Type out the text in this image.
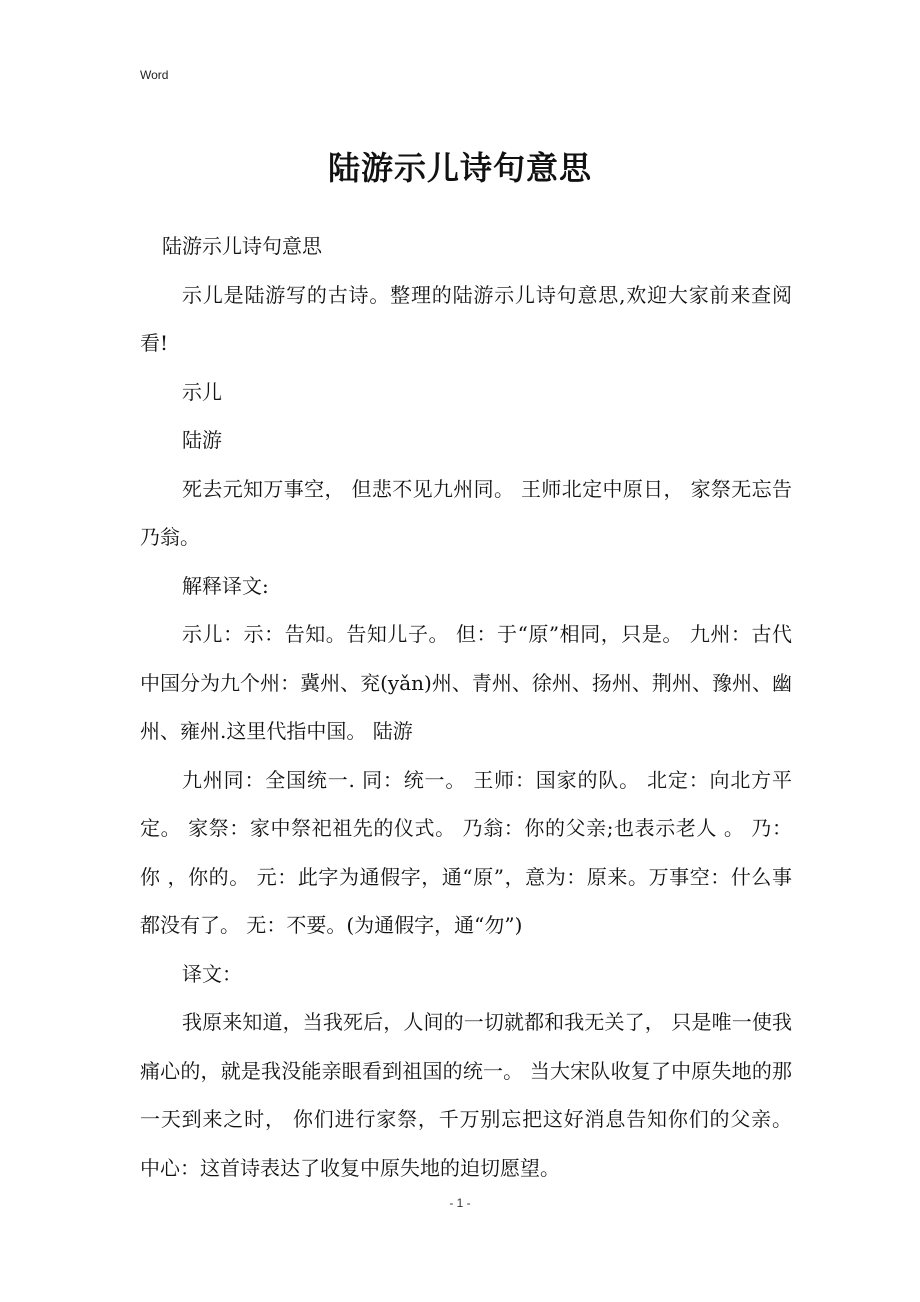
Word
陆游示儿诗句意思

陆游示儿诗句意思

示儿是陆游写的古诗。整理的陆游示儿诗句意思,欢迎大家前来查阅看!

示儿

陆游

死去元知万事空， 但悲不见九州同。 王师北定中原日， 家祭无忘告乃翁。

解释译文:

示儿：示：告知。告知儿子。 但：于“原”相同，只是。 九州：古代中国分为九个州：冀州、兖(yǎn)州、青州、徐州、扬州、荆州、豫州、幽州、雍州.这里代指中国。 陆游

九州同：全国统一. 同：统一。 王师：国家的队。 北定：向北方平定。 家祭：家中祭祀祖先的仪式。 乃翁：你的父亲;也表示老人 。 乃：你 ，你的。 元：此字为通假字，通“原”，意为：原来。万事空：什么事都没有了。 无：不要。(为通假字，通“勿”)

译文：

我原来知道，当我死后，人间的一切就都和我无关了， 只是唯一使我痛心的，就是我没能亲眼看到祖国的统一。 当大宋队收复了中原失地的那一天到来之时， 你们进行家祭，千万别忘把这好消息告知你们的父亲。 中心：这首诗表达了收复中原失地的迫切愿望。

- 1 -
